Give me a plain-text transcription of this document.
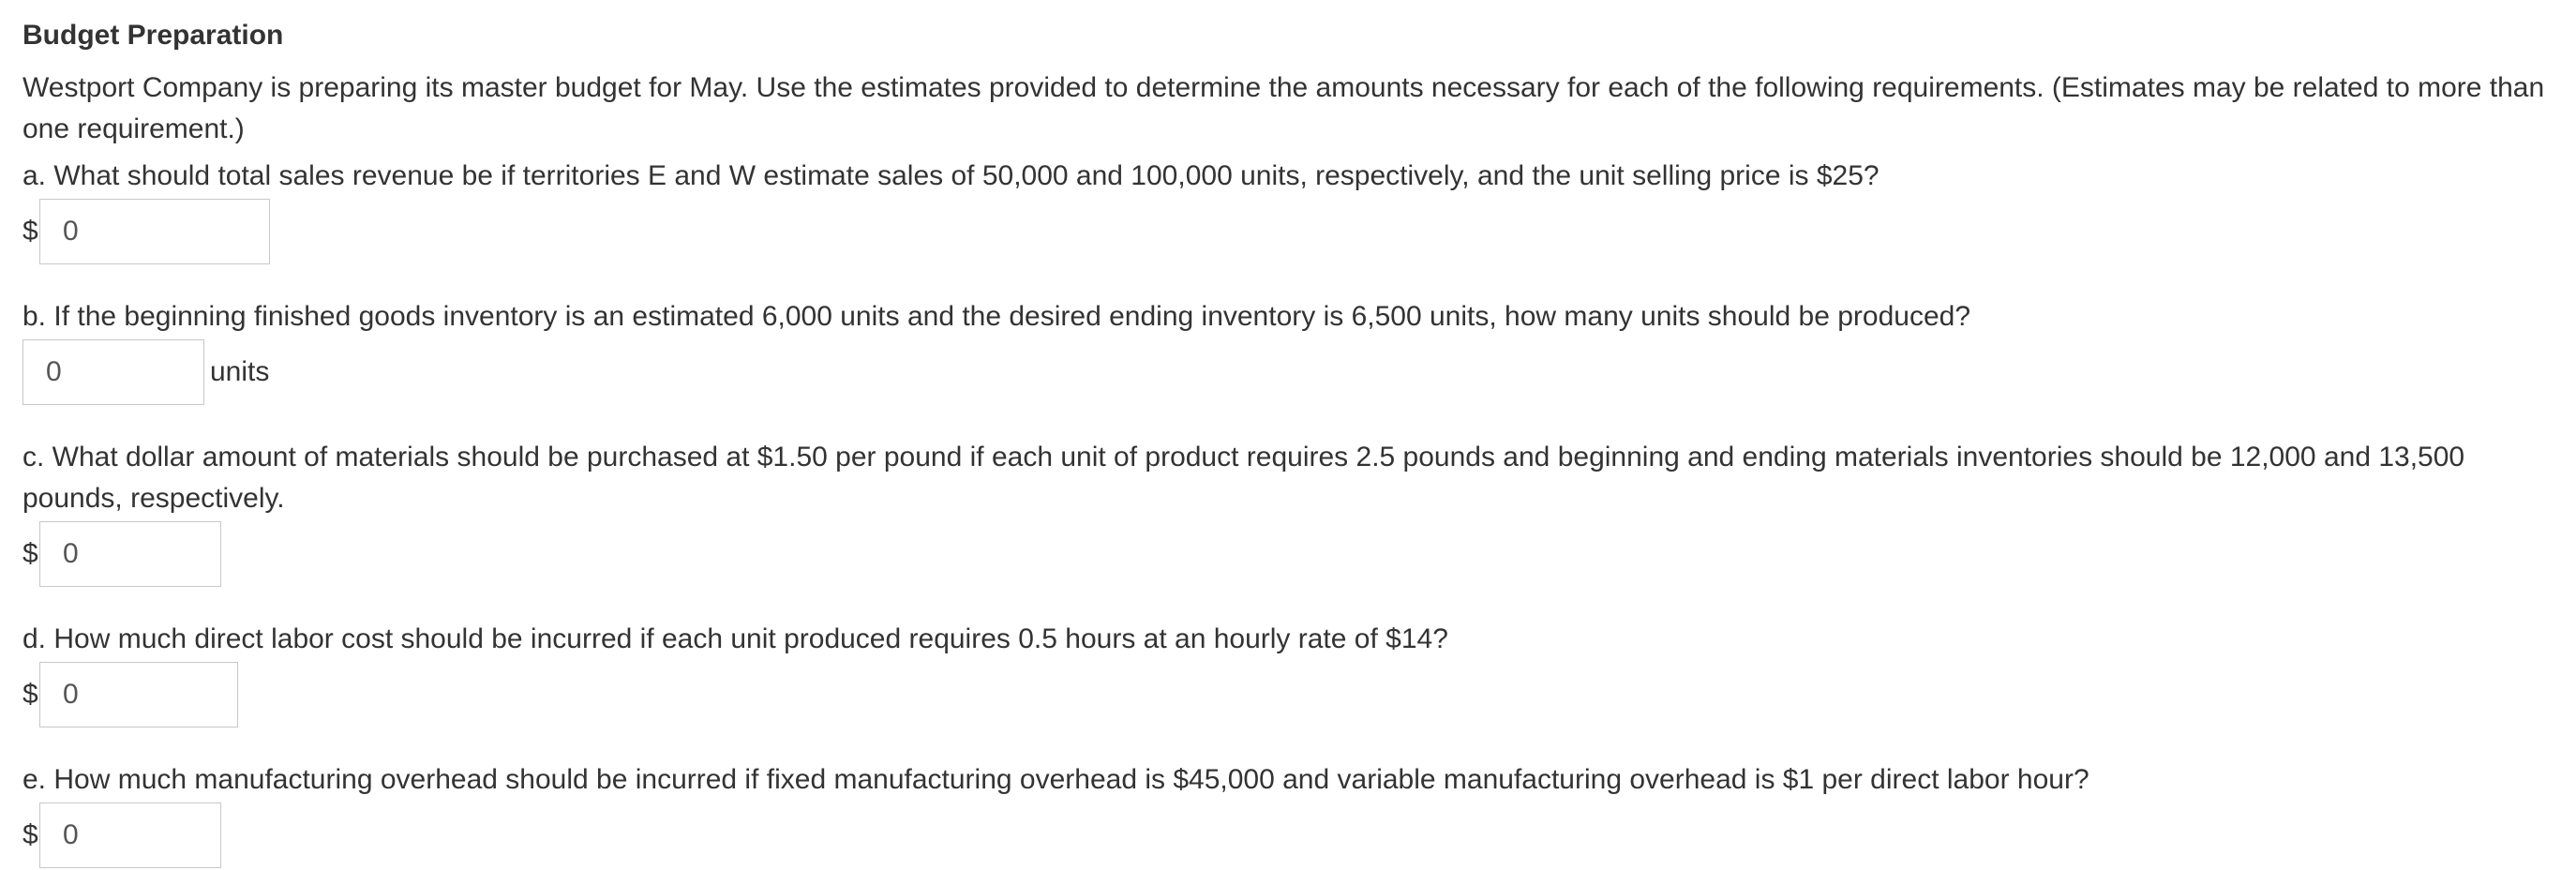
Budget Preparation

Westport Company is preparing its master budget for May. Use the estimates provided to determine the amounts necessary for each of the following requirements. (Estimates may be related to more than one requirement.)

a. What should total sales revenue be if territories E and W estimate sales of 50,000 and 100,000 units, respectively, and the unit selling price is $25?

$
0

b. If the beginning finished goods inventory is an estimated 6,000 units and the desired ending inventory is 6,500 units, how many units should be produced?

0
units

c. What dollar amount of materials should be purchased at $1.50 per pound if each unit of product requires 2.5 pounds and beginning and ending materials inventories should be 12,000 and 13,500 pounds, respectively.

$
0

d. How much direct labor cost should be incurred if each unit produced requires 0.5 hours at an hourly rate of $14?

$
0

e. How much manufacturing overhead should be incurred if fixed manufacturing overhead is $45,000 and variable manufacturing overhead is $1 per direct labor hour?

$
0
